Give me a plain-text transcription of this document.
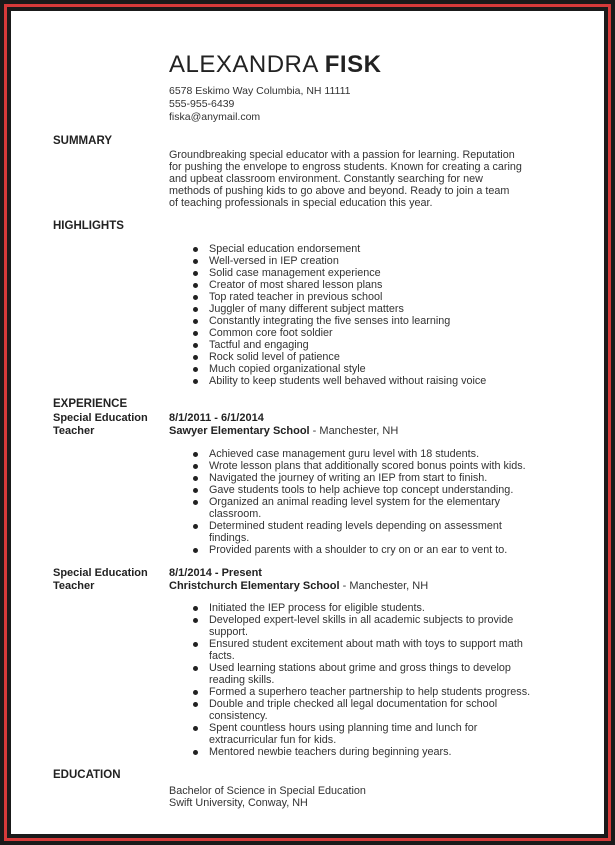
ALEXANDRA FISK
6578 Eskimo Way Columbia, NH 11111
555-955-6439
fiska@anymail.com
SUMMARY
Groundbreaking special educator with a passion for learning. Reputation
for pushing the envelope to engross students. Known for creating a caring
and upbeat classroom environment. Constantly searching for new
methods of pushing kids to go above and beyond. Ready to join a team
of teaching professionals in special education this year.
HIGHLIGHTS
Special education endorsement
Well-versed in IEP creation
Solid case management experience
Creator of most shared lesson plans
Top rated teacher in previous school
Juggler of many different subject matters
Constantly integrating the five senses into learning
Common core foot soldier
Tactful and engaging
Rock solid level of patience
Much copied organizational style
Ability to keep students well behaved without raising voice
EXPERIENCE
Special Education
Teacher
8/1/2011 - 6/1/2014
Sawyer Elementary School - Manchester, NH
Achieved case management guru level with 18 students.
Wrote lesson plans that additionally scored bonus points with kids.
Navigated the journey of writing an IEP from start to finish.
Gave students tools to help achieve top concept understanding.
Organized an animal reading level system for the elementary classroom.
Determined student reading levels depending on assessment findings.
Provided parents with a shoulder to cry on or an ear to vent to.
Special Education
Teacher
8/1/2014 - Present
Christchurch Elementary School - Manchester, NH
Initiated the IEP process for eligible students.
Developed expert-level skills in all academic subjects to provide support.
Ensured student excitement about math with toys to support math facts.
Used learning stations about grime and gross things to develop reading skills.
Formed a superhero teacher partnership to help students progress.
Double and triple checked all legal documentation for school consistency.
Spent countless hours using planning time and lunch for extracurricular fun for kids.
Mentored newbie teachers during beginning years.
EDUCATION
Bachelor of Science in Special Education
Swift University, Conway, NH
